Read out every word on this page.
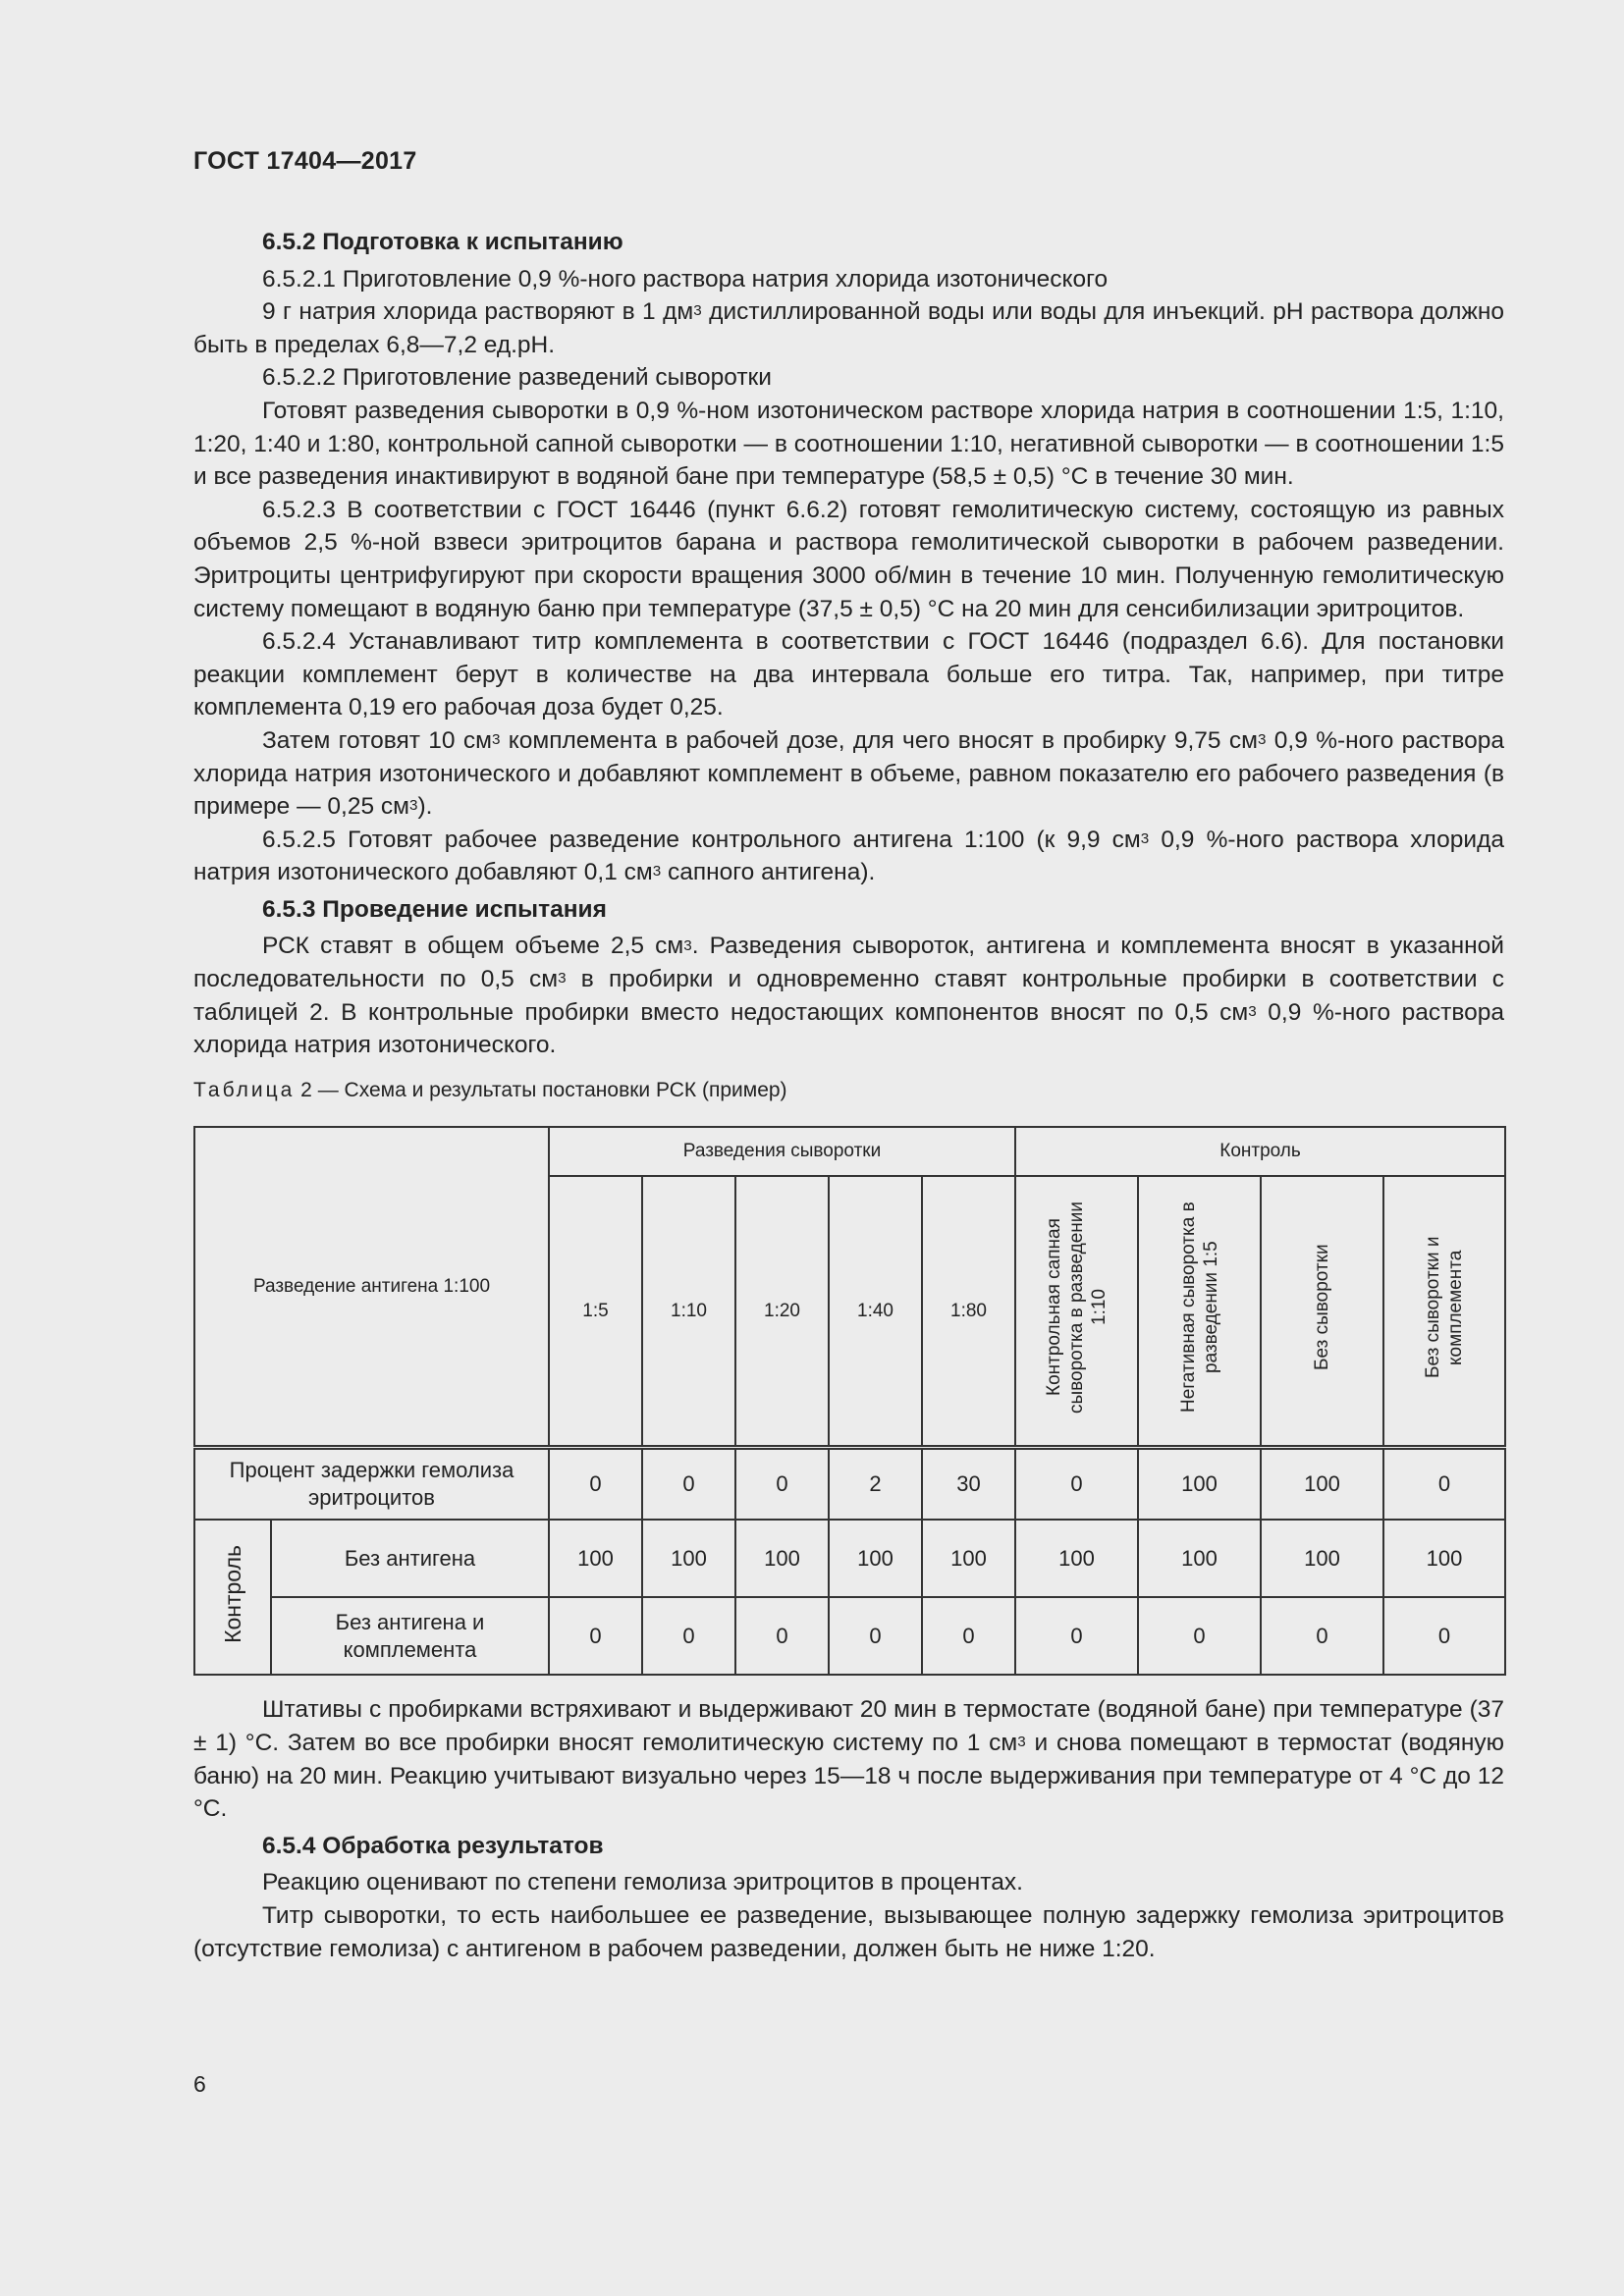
ГОСТ 17404—2017

6.5.2 Подготовка к испытанию

6.5.2.1 Приготовление 0,9 %-ного раствора натрия хлорида изотонического

9 г натрия хлорида растворяют в 1 $дм^3$ дистиллированной воды или воды для инъекций. pH раствора должно быть в пределах 6,8—7,2 ед.pH.

6.5.2.2 Приготовление разведений сыворотки

Готовят разведения сыворотки в 0,9 %-ном изотоническом растворе хлорида натрия в соотношении 1:5, 1:10, 1:20, 1:40 и 1:80, контрольной сапной сыворотки — в соотношении 1:10, негативной сыворотки — в соотношении 1:5 и все разведения инактивируют в водяной бане при температуре (58,5 ± 0,5) °С в течение 30 мин.

6.5.2.3 В соответствии с ГОСТ 16446 (пункт 6.6.2) готовят гемолитическую систему, состоящую из равных объемов 2,5 %-ной взвеси эритроцитов барана и раствора гемолитической сыворотки в рабочем разведении. Эритроциты центрифугируют при скорости вращения 3000 об/мин в течение 10 мин. Полученную гемолитическую систему помещают в водяную баню при температуре (37,5 ± 0,5) °С на 20 мин для сенсибилизации эритроцитов.

6.5.2.4 Устанавливают титр комплемента в соответствии с ГОСТ 16446 (подраздел 6.6). Для постановки реакции комплемент берут в количестве на два интервала больше его титра. Так, например, при титре комплемента 0,19 его рабочая доза будет 0,25.

Затем готовят 10 $см^3$ комплемента в рабочей дозе, для чего вносят в пробирку 9,75 $см^3$ 0,9 %-ного раствора хлорида натрия изотонического и добавляют комплемент в объеме, равном показателю его рабочего разведения (в примере — 0,25 $см^3$).

6.5.2.5 Готовят рабочее разведение контрольного антигена 1:100 (к 9,9 $см^3$ 0,9 %-ного раствора хлорида натрия изотонического добавляют 0,1 $см^3$ сапного антигена).

6.5.3 Проведение испытания

РСК ставят в общем объеме 2,5 $см^3$. Разведения сывороток, антигена и комплемента вносят в указанной последовательности по 0,5 $см^3$ в пробирки и одновременно ставят контрольные пробирки в соответствии с таблицей 2. В контрольные пробирки вместо недостающих компонентов вносят по 0,5 $см^3$ 0,9 %-ного раствора хлорида натрия изотонического.

Таблица 2 — Схема и результаты постановки РСК (пример)

Разведение антигена 1:100		Разведения сыворотки					Контроль			
		1:5	1:10	1:20	1:40	1:80	Контрольная сапная сыворотка в разведении 1:10	Негативная сыворотка в разведении 1:5	Без сыворотки	Без сыворотки и комплемента
Процент задержки гемолиза эритроцитов		0	0	0	2	30	0	100	100	0
Контроль	Без антигена	100	100	100	100	100	100	100	100	100
	Без антигена и комплемента	0	0	0	0	0	0	0	0	0

Штативы с пробирками встряхивают и выдерживают 20 мин в термостате (водяной бане) при температуре (37 ± 1) °С. Затем во все пробирки вносят гемолитическую систему по 1 $см^3$ и снова помещают в термостат (водяную баню) на 20 мин. Реакцию учитывают визуально через 15—18 ч после выдерживания при температуре от 4 °С до 12 °С.

6.5.4 Обработка результатов

Реакцию оценивают по степени гемолиза эритроцитов в процентах.

Титр сыворотки, то есть наибольшее ее разведение, вызывающее полную задержку гемолиза эритроцитов (отсутствие гемолиза) с антигеном в рабочем разведении, должен быть не ниже 1:20.

6
